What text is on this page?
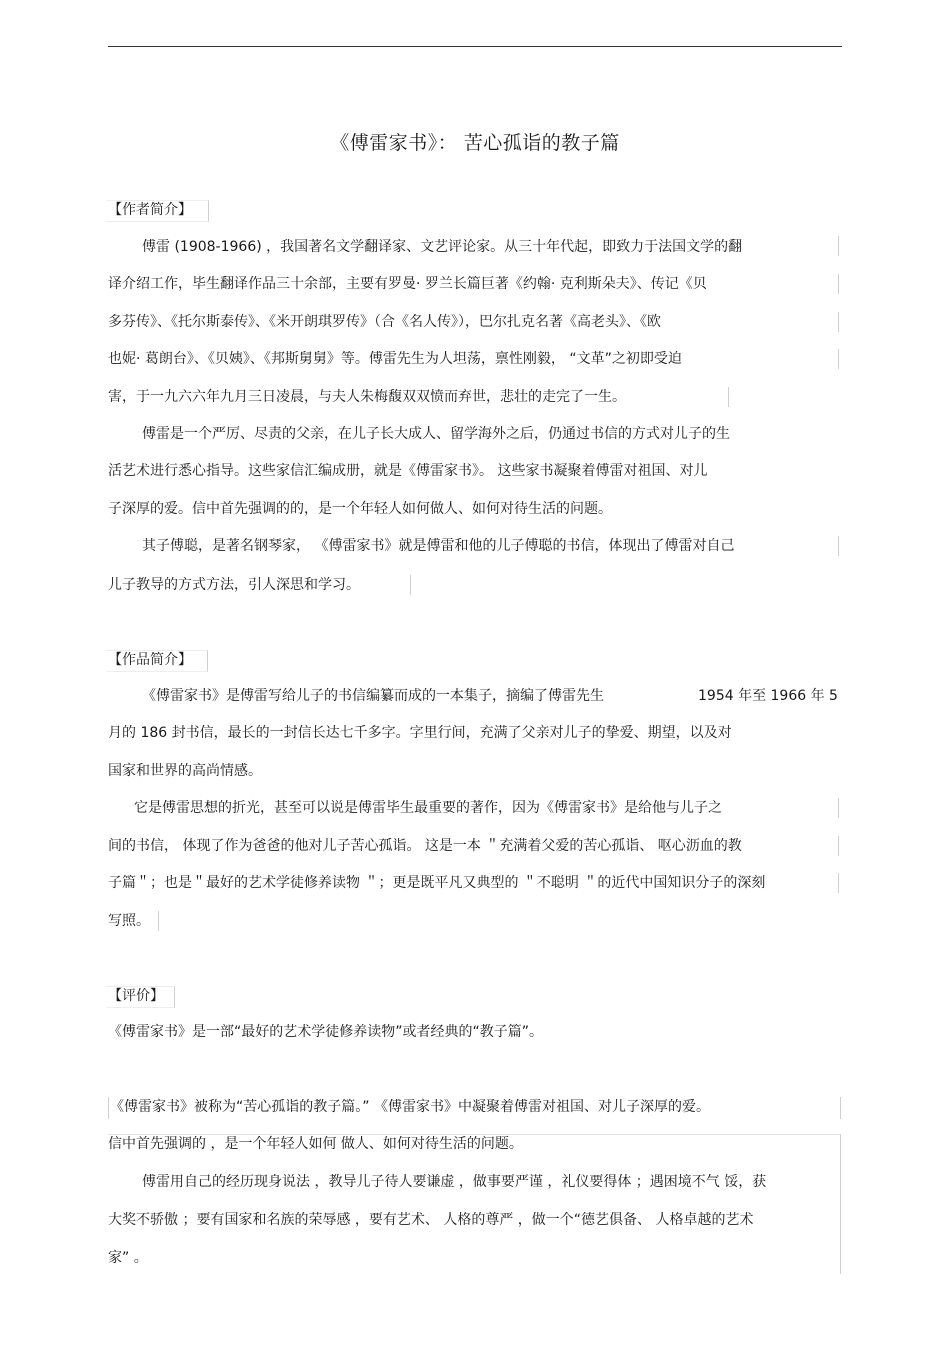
《傅雷家书》： 苦心孤诣的教子篇
【作者简介】
傅雷 (1908-1966) ，我国著名文学翻译家、文艺评论家。从三十年代起，即致力于法国文学的翻
译介绍工作，毕生翻译作品三十余部，主要有罗曼· 罗兰长篇巨著《约翰· 克利斯朵夫》、传记《贝
多芬传》、《托尔斯泰传》、《米开朗琪罗传》（合《名人传》），巴尔扎克名著《高老头》、《欧
也妮· 葛朗台》、《贝姨》、《邦斯舅舅》等。傅雷先生为人坦荡，禀性刚毅， “文革”之初即受迫
害，于一九六六年九月三日凌晨，与夫人朱梅馥双双愤而弃世，悲壮的走完了一生。
傅雷是一个严厉、尽责的父亲，在儿子长大成人、留学海外之后，仍通过书信的方式对儿子的生
活艺术进行悉心指导。这些家信汇编成册，就是《傅雷家书》。 这些家书凝聚着傅雷对祖国、对儿
子深厚的爱。信中首先强调的的，是一个年轻人如何做人、如何对待生活的问题。
其子傅聪，是著名钢琴家， 《傅雷家书》就是傅雷和他的儿子傅聪的书信，体现出了傅雷对自己
儿子教导的方式方法，引人深思和学习。
【作品简介】
《傅雷家书》是傅雷写给儿子的书信编纂而成的一本集子，摘编了傅雷先生	1954 年至 1966 年 5
月的 186 封书信，最长的一封信长达七千多字。字里行间，充满了父亲对儿子的挚爱、期望，以及对
国家和世界的高尚情感。
它是傅雷思想的折光，甚至可以说是傅雷毕生最重要的著作，因为《傅雷家书》是给他与儿子之
间的书信， 体现了作为爸爸的他对儿子苦心孤诣。 这是一本 ＂充满着父爱的苦心孤诣、 呕心沥血的教
子篇＂；也是＂最好的艺术学徒修养读物 ＂；更是既平凡又典型的 ＂不聪明 ＂的近代中国知识分子的深刻
写照。
【评价】
《傅雷家书》是一部“最好的艺术学徒修养读物”或者经典的“教子篇”。
《傅雷家书》被称为“苦心孤诣的教子篇。” 《傅雷家书》中凝聚着傅雷对祖国、对儿子深厚的爱。
信中首先强调的 ，是一个年轻人如何 做人、如何对待生活的问题。
傅雷用自己的经历现身说法 ，教导儿子待人要谦虚 ，做事要严谨 ，礼仪要得体 ；遇困境不气 馁，获
大奖不骄傲 ；要有国家和名族的荣辱感 ，要有艺术、 人格的尊严 ，做一个“德艺俱备、 人格卓越的艺术
家” 。
